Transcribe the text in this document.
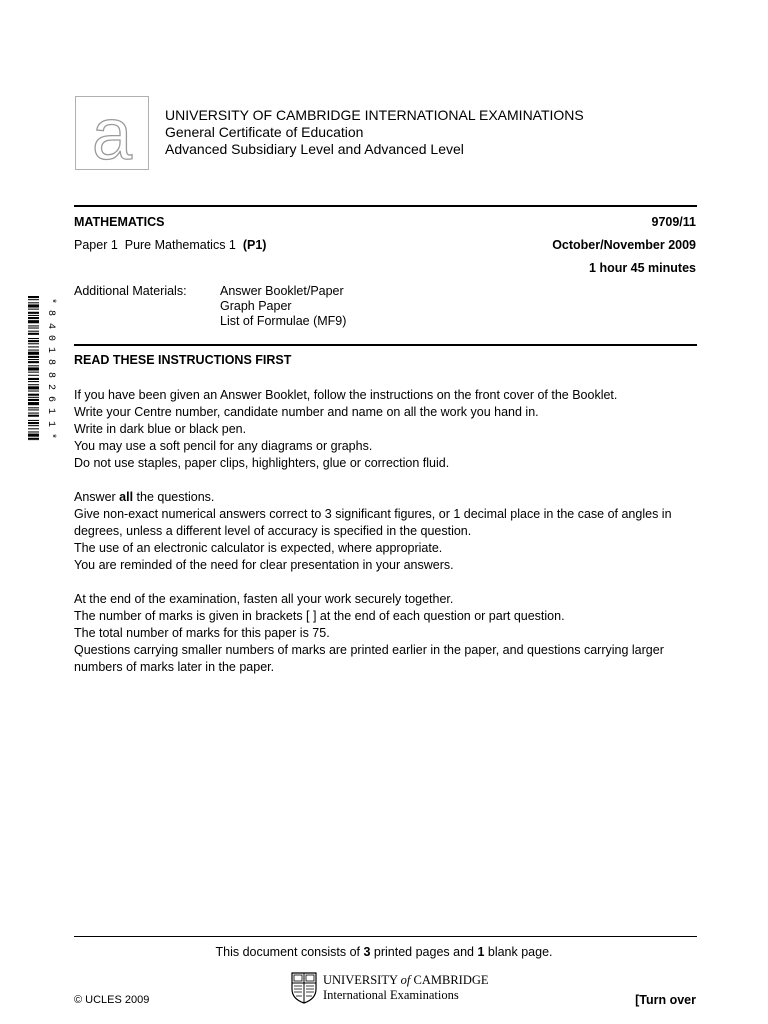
a UNIVERSITY OF CAMBRIDGE INTERNATIONAL EXAMINATIONS
General Certificate of Education
Advanced Subsidiary Level and Advanced Level
MATHEMATICS	9709/11
Paper 1  Pure Mathematics 1  (P1)	October/November 2009
1 hour 45 minutes
Additional Materials:	Answer Booklet/Paper
Graph Paper
List of Formulae (MF9)
*
8
4
0
1
8
8
2
6
1
1
*
READ THESE INSTRUCTIONS FIRST

If you have been given an Answer Booklet, follow the instructions on the front cover of the Booklet.

Write your Centre number, candidate number and name on all the work you hand in.

Write in dark blue or black pen.

You may use a soft pencil for any diagrams or graphs.

Do not use staples, paper clips, highlighters, glue or correction fluid.

Answer all the questions.

Give non-exact numerical answers correct to 3 significant figures, or 1 decimal place in the case of angles in degrees, unless a different level of accuracy is specified in the question.

The use of an electronic calculator is expected, where appropriate.

You are reminded of the need for clear presentation in your answers.

At the end of the examination, fasten all your work securely together.

The number of marks is given in brackets [ ] at the end of each question or part question.

The total number of marks for this paper is 75.

Questions carrying smaller numbers of marks are printed earlier in the paper, and questions carrying larger numbers of marks later in the paper.

This document consists of 3 printed pages and 1 blank page.
UNIVERSITY of CAMBRIDGE
International Examinations
© UCLES 2009	[Turn over
